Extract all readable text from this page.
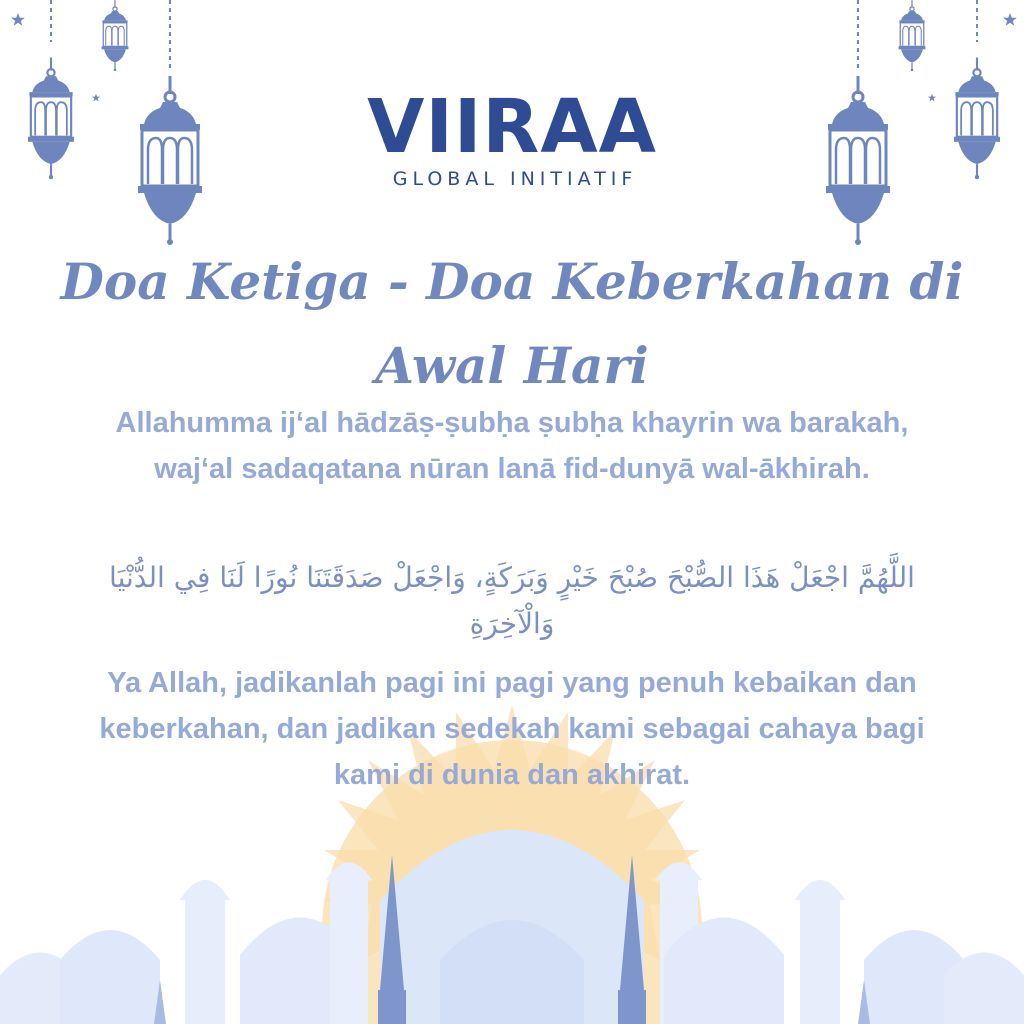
VIIRAA
GLOBAL INITIATIF
Doa Ketiga - Doa Keberkahan di Awal Hari

Allahumma ij‘al hādzāṣ-ṣubḥa ṣubḥa khayrin wa barakah, waj‘al sadaqatana nūran lanā fid-dunyā wal-ākhirah.

اللَّهُمَّ اجْعَلْ هَذَا الصُّبْحَ صُبْحَ خَيْرٍ وَبَرَكَةٍ، وَاجْعَلْ صَدَقَتَنَا نُورًا لَنَا فِي الدُّنْيَا وَالْآخِرَةِ

Ya Allah, jadikanlah pagi ini pagi yang penuh kebaikan dan keberkahan, dan jadikan sedekah kami sebagai cahaya bagi kami di dunia dan akhirat.
